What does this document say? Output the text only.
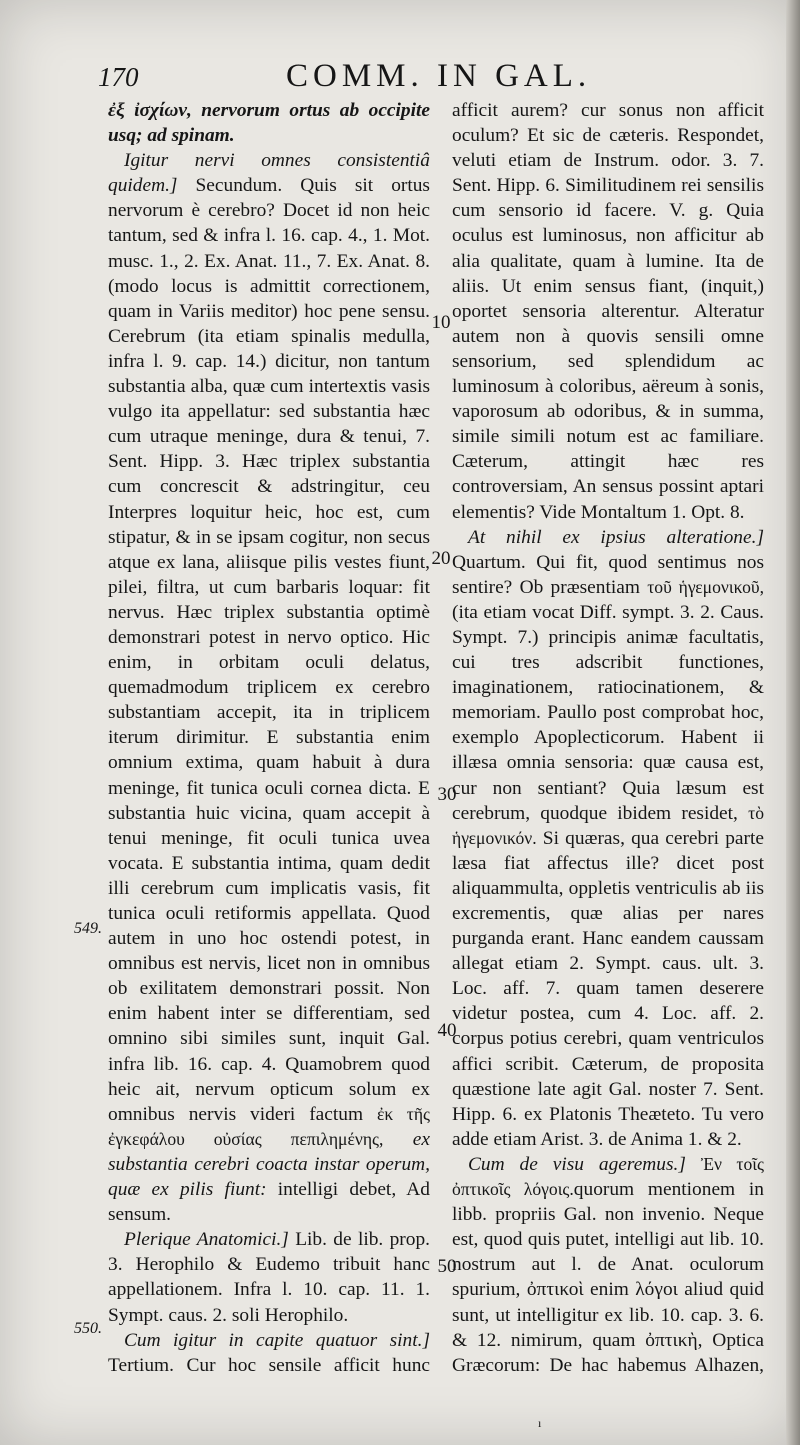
170	COMM. IN GAL.

ἐξ ἰσχίων, nervorum ortus ab occipite usq; ad spinam.

Igitur nervi omnes consistentiâ quidem.] Secundum. Quis sit ortus nervorum è cerebro? Docet id non heic tantum, sed & infra l. 16. cap. 4., 1. Mot. musc. 1., 2. Ex. Anat. 11., 7. Ex. Anat. 8. (modo locus is admittit correctionem, quam in Variis meditor) hoc pene sensu. Cerebrum (ita etiam spinalis medulla, infra l. 9. cap. 14.) dicitur, non tantum substantia alba, quæ cum intertextis vasis vulgo ita appellatur: sed substantia hæc cum utraque meninge, dura & tenui, 7. Sent. Hipp. 3. Hæc triplex substantia cum concrescit & adstringitur, ceu Interpres loquitur heic, hoc est, cum stipatur, & in se ipsam cogitur, non secus atque ex lana, aliisque pilis vestes fiunt, pilei, filtra, ut cum barbaris loquar: fit nervus. Hæc triplex substantia optimè demonstrari potest in nervo optico. Hic enim, in orbitam oculi delatus, quemadmodum triplicem ex cerebro substantiam accepit, ita in triplicem iterum dirimitur. E substantia enim omnium extima, quam habuit à dura meninge, fit tunica oculi cornea dicta. E substantia huic vicina, quam accepit à tenui meninge, fit oculi tunica uvea vocata. E substantia intima, quam dedit illi cerebrum cum implicatis vasis, fit tunica oculi retiformis appellata. Quod autem in uno hoc ostendi potest, in omnibus est nervis, licet non in omnibus ob exilitatem demonstrari possit. Non enim habent inter se differentiam, sed omnino sibi similes sunt, inquit Gal. infra lib. 16. cap. 4. Quamobrem quod heic ait, nervum opticum solum ex omnibus nervis videri factum ἐκ τῆς ἐγκεφάλου οὐσίας πεπιλημένης, ex substantia cerebri coacta instar operum, quæ ex pilis fiunt: intelligi debet, Ad sensum.

Plerique Anatomici.] Lib. de lib. prop. 3. Herophilo & Eudemo tribuit hanc appellationem. Infra l. 10. cap. 11. 1. Sympt. caus. 2. soli Herophilo.

Cum igitur in capite quatuor sint.] Tertium. Cur hoc sensile afficit hunc

afficit aurem? cur sonus non afficit oculum? Et sic de cæteris. Respondet, veluti etiam de Instrum. odor. 3. 7. Sent. Hipp. 6. Similitudinem rei sensilis cum sensorio id facere. V. g. Quia oculus est luminosus, non afficitur ab alia qualitate, quam à lumine. Ita de aliis. Ut enim sensus fiant, (inquit,) oportet sensoria alterentur. Alteratur autem non à quovis sensili omne sensorium, sed splendidum ac luminosum à coloribus, aëreum à sonis, vaporosum ab odoribus, & in summa, simile simili notum est ac familiare. Cæterum, attingit hæc res controversiam, An sensus possint aptari elementis? Vide Montaltum 1. Opt. 8.

At nihil ex ipsius alteratione.] Quartum. Qui fit, quod sentimus nos sentire? Ob præsentiam τοῦ ἡγεμονικοῦ, (ita etiam vocat Diff. sympt. 3. 2. Caus. Sympt. 7.) principis animæ facultatis, cui tres adscribit functiones, imaginationem, ratiocinationem, & memoriam. Paullo post comprobat hoc, exemplo Apoplecticorum. Habent ii illæsa omnia sensoria: quæ causa est, cur non sentiant? Quia læsum est cerebrum, quodque ibidem residet, τὸ ἡγεμονικόν. Si quæras, qua cerebri parte læsa fiat affectus ille? dicet post aliquammulta, oppletis ventriculis ab iis excrementis, quæ alias per nares purganda erant. Hanc eandem caussam allegat etiam 2. Sympt. caus. ult. 3. Loc. aff. 7. quam tamen deserere videtur postea, cum 4. Loc. aff. 2. corpus potius cerebri, quam ventriculos affici scribit. Cæterum, de proposita quæstione late agit Gal. noster 7. Sent. Hipp. 6. ex Platonis Theæteto. Tu vero adde etiam Arist. 3. de Anima 1. & 2.

Cum de visu ageremus.] Ἐν τοῖς ὀπτικοῖς λόγοις.quorum mentionem in libb. propriis Gal. non invenio. Neque est, quod quis putet, intelligi aut lib. 10. nostrum aut l. de Anat. oculorum spurium, ὀπτικοὶ enim λόγοι aliud quid sunt, ut intelligitur ex lib. 10. cap. 3. 6. & 12. nimirum, quam ὀπτικὴ, Optica Græcorum: De hac habemus Alhazen,

10
20
30
40
50
549.
550.
ı
